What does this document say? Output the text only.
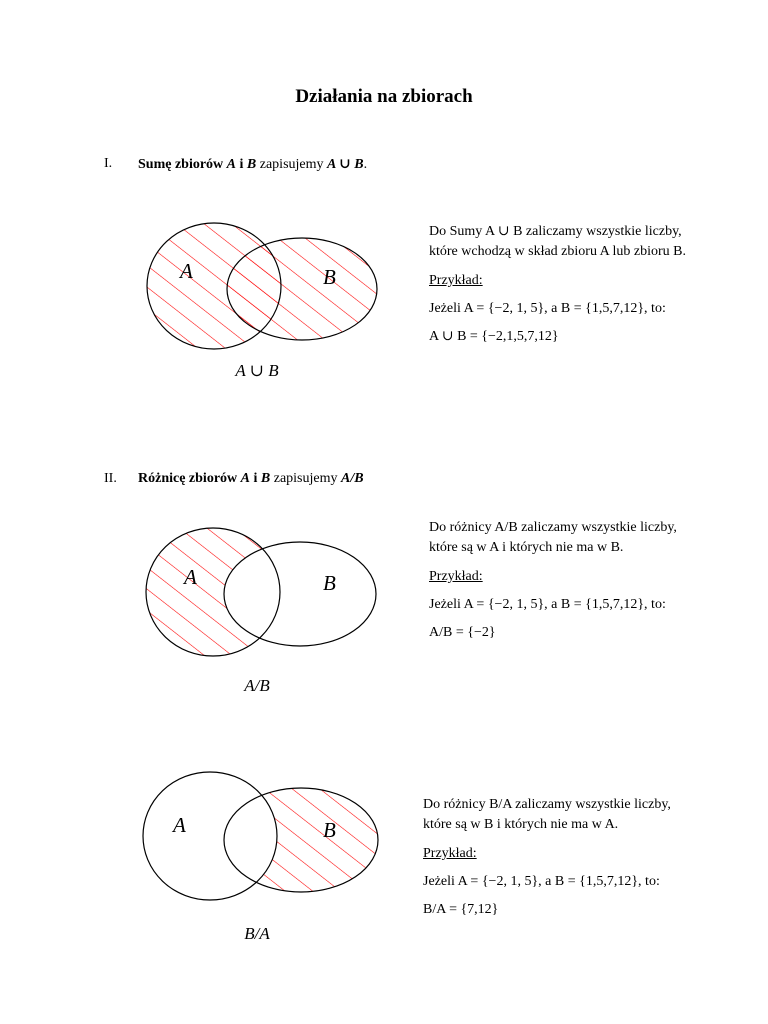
Działania na zbiorach
I. Sumę zbiorów A i B zapisujemy A ∪ B.
A	B
A	B
A	B
A ∪ B
A/B
B/A

Do Sumy A ∪ B zaliczamy wszystkie liczby,

które wchodzą w skład zbioru A lub zbioru B.

Przykład:

Jeżeli A = {−2, 1, 5}, a B = {1,5,7,12}, to:

A ∪ B = {−2,1,5,7,12}

II. Różnicę zbiorów A i B zapisujemy A/B

Do różnicy A/B zaliczamy wszystkie liczby,

które są w A i których nie ma w B.

Przykład:

Jeżeli A = {−2, 1, 5}, a B = {1,5,7,12}, to:

A/B = {−2}

Do różnicy B/A zaliczamy wszystkie liczby,

które są w B i których nie ma w A.

Przykład:

Jeżeli A = {−2, 1, 5}, a B = {1,5,7,12}, to:

B/A = {7,12}
